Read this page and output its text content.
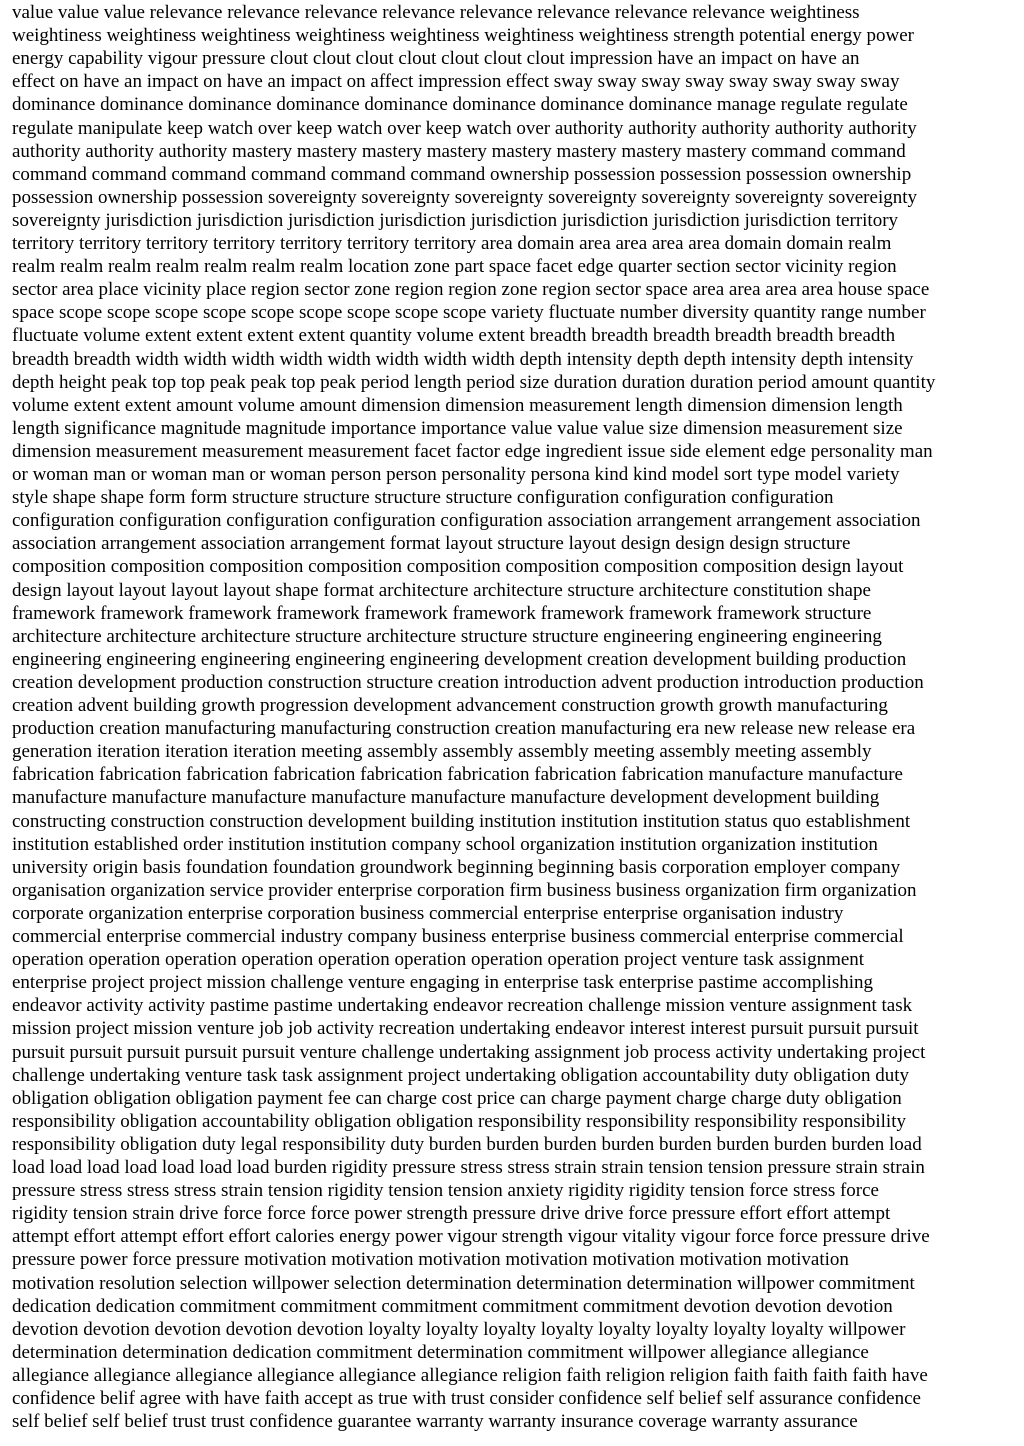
value value value relevance relevance relevance relevance relevance relevance relevance relevance weightiness
weightiness weightiness weightiness weightiness weightiness weightiness weightiness strength potential energy power
energy capability vigour pressure clout clout clout clout clout clout clout impression have an impact on have an
effect on have an impact on have an impact on affect impression effect sway sway sway sway sway sway sway sway
dominance dominance dominance dominance dominance dominance dominance dominance manage regulate regulate
regulate manipulate keep watch over keep watch over keep watch over authority authority authority authority authority
authority authority authority mastery mastery mastery mastery mastery mastery mastery mastery command command
command command command command command command ownership possession possession possession ownership
possession ownership possession sovereignty sovereignty sovereignty sovereignty sovereignty sovereignty sovereignty
sovereignty jurisdiction jurisdiction jurisdiction jurisdiction jurisdiction jurisdiction jurisdiction jurisdiction territory
territory territory territory territory territory territory territory area domain area area area area domain domain realm
realm realm realm realm realm realm realm location zone part space facet edge quarter section sector vicinity region
sector area place vicinity place region sector zone region region zone region sector space area area area area house space
space scope scope scope scope scope scope scope scope scope variety fluctuate number diversity quantity range number
fluctuate volume extent extent extent extent quantity volume extent breadth breadth breadth breadth breadth breadth
breadth breadth width width width width width width width width depth intensity depth depth intensity depth intensity
depth height peak top top peak peak top peak period length period size duration duration duration period amount quantity
volume extent extent amount volume amount dimension dimension measurement length dimension dimension length
length significance magnitude magnitude importance importance value value value size dimension measurement size
dimension measurement measurement measurement facet factor edge ingredient issue side element edge personality man
or woman man or woman man or woman person person personality persona kind kind model sort type model variety
style shape shape form form structure structure structure structure configuration configuration configuration
configuration configuration configuration configuration configuration association arrangement arrangement association
association arrangement association arrangement format layout structure layout design design design structure
composition composition composition composition composition composition composition composition design layout
design layout layout layout layout shape format architecture architecture structure architecture constitution shape
framework framework framework framework framework framework framework framework framework structure
architecture architecture architecture structure architecture structure structure engineering engineering engineering
engineering engineering engineering engineering engineering development creation development building production
creation development production construction structure creation introduction advent production introduction production
creation advent building growth progression development advancement construction growth growth manufacturing
production creation manufacturing manufacturing construction creation manufacturing era new release new release era
generation iteration iteration iteration meeting assembly assembly assembly meeting assembly meeting assembly
fabrication fabrication fabrication fabrication fabrication fabrication fabrication fabrication manufacture manufacture
manufacture manufacture manufacture manufacture manufacture manufacture development development building
constructing construction construction development building institution institution institution status quo establishment
institution established order institution institution company school organization institution organization institution
university origin basis foundation foundation groundwork beginning beginning basis corporation employer company
organisation organization service provider enterprise corporation firm business business organization firm organization
corporate organization enterprise corporation business commercial enterprise enterprise organisation industry
commercial enterprise commercial industry company business enterprise business commercial enterprise commercial
operation operation operation operation operation operation operation operation project venture task assignment
enterprise project project mission challenge venture engaging in enterprise task enterprise pastime accomplishing
endeavor activity activity pastime pastime undertaking endeavor recreation challenge mission venture assignment task
mission project mission venture job job activity recreation undertaking endeavor interest interest pursuit pursuit pursuit
pursuit pursuit pursuit pursuit pursuit venture challenge undertaking assignment job process activity undertaking project
challenge undertaking venture task task assignment project undertaking obligation accountability duty obligation duty
obligation obligation obligation payment fee can charge cost price can charge payment charge charge duty obligation
responsibility obligation accountability obligation obligation responsibility responsibility responsibility responsibility
responsibility obligation duty legal responsibility duty burden burden burden burden burden burden burden burden load
load load load load load load load burden rigidity pressure stress stress strain strain tension tension pressure strain strain
pressure stress stress stress strain tension rigidity tension tension anxiety rigidity rigidity tension force stress force
rigidity tension strain drive force force force power strength pressure drive drive force pressure effort effort attempt
attempt effort attempt effort effort calories energy power vigour strength vigour vitality vigour force force pressure drive
pressure power force pressure motivation motivation motivation motivation motivation motivation motivation
motivation resolution selection willpower selection determination determination determination willpower commitment
dedication dedication commitment commitment commitment commitment commitment devotion devotion devotion
devotion devotion devotion devotion devotion loyalty loyalty loyalty loyalty loyalty loyalty loyalty loyalty willpower
determination determination dedication commitment determination commitment willpower allegiance allegiance
allegiance allegiance allegiance allegiance allegiance allegiance religion faith religion religion faith faith faith faith have
confidence belif agree with have faith accept as true with trust consider confidence self belief self assurance confidence
self belief self belief trust trust confidence guarantee warranty warranty insurance coverage warranty assurance
